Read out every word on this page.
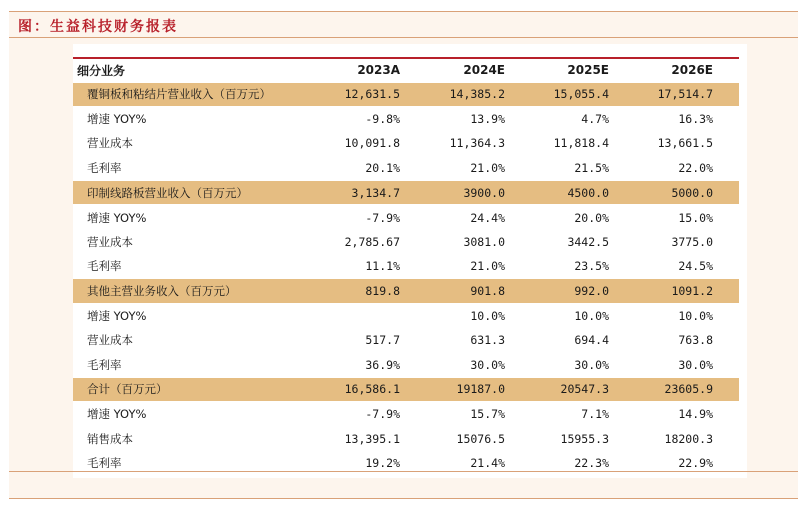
图：生益科技财务报表
细分业务	2023A	2024E	2025E	2026E
覆铜板和粘结片营业收入（百万元）	12,631.5	14,385.2	15,055.4	17,514.7
增速 YOY%	-9.8%	13.9%	4.7%	16.3%
营业成本	10,091.8	11,364.3	11,818.4	13,661.5
毛利率	20.1%	21.0%	21.5%	22.0%
印制线路板营业收入（百万元）	3,134.7	3900.0	4500.0	5000.0
增速 YOY%	-7.9%	24.4%	20.0%	15.0%
营业成本	2,785.67	3081.0	3442.5	3775.0
毛利率	11.1%	21.0%	23.5%	24.5%
其他主营业务收入（百万元）	819.8	901.8	992.0	1091.2
增速 YOY%		10.0%	10.0%	10.0%
营业成本	517.7	631.3	694.4	763.8
毛利率	36.9%	30.0%	30.0%	30.0%
合计（百万元）	16,586.1	19187.0	20547.3	23605.9
增速 YOY%	-7.9%	15.7%	7.1%	14.9%
销售成本	13,395.1	15076.5	15955.3	18200.3
毛利率	19.2%	21.4%	22.3%	22.9%
